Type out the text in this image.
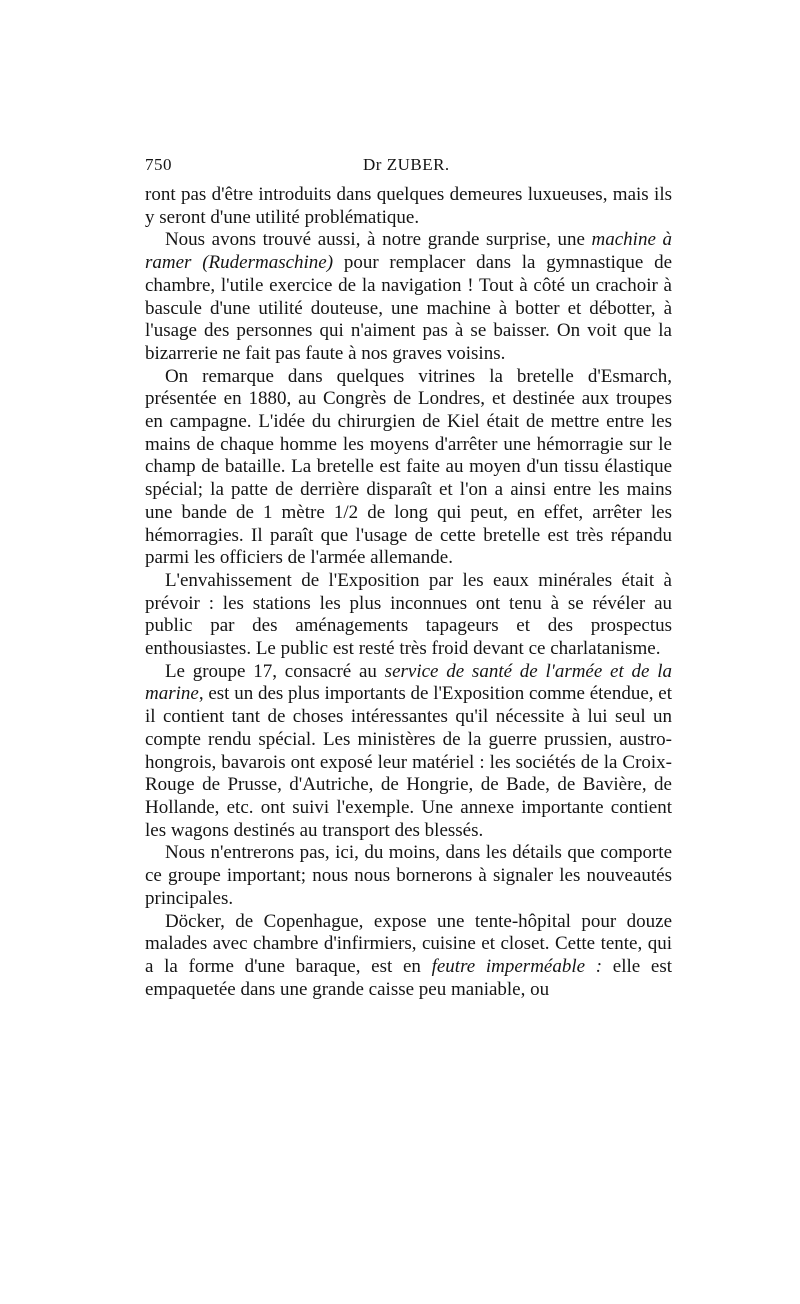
750	Dr ZUBER.

ront pas d'être introduits dans quelques demeures luxueuses, mais ils y seront d'une utilité problématique.

Nous avons trouvé aussi, à notre grande surprise, une machine à ramer (Rudermaschine) pour remplacer dans la gymnastique de chambre, l'utile exercice de la navigation ! Tout à côté un crachoir à bascule d'une utilité douteuse, une machine à botter et débotter, à l'usage des personnes qui n'aiment pas à se baisser. On voit que la bizarrerie ne fait pas faute à nos graves voisins.

On remarque dans quelques vitrines la bretelle d'Esmarch, présentée en 1880, au Congrès de Londres, et destinée aux troupes en campagne. L'idée du chirurgien de Kiel était de mettre entre les mains de chaque homme les moyens d'arrêter une hémorragie sur le champ de bataille. La bretelle est faite au moyen d'un tissu élastique spécial; la patte de derrière disparaît et l'on a ainsi entre les mains une bande de 1 mètre 1/2 de long qui peut, en effet, arrêter les hémorragies. Il paraît que l'usage de cette bretelle est très répandu parmi les officiers de l'armée allemande.

L'envahissement de l'Exposition par les eaux minérales était à prévoir : les stations les plus inconnues ont tenu à se révéler au public par des aménagements tapageurs et des prospectus enthousiastes. Le public est resté très froid devant ce charlatanisme.

Le groupe 17, consacré au service de santé de l'armée et de la marine, est un des plus importants de l'Exposition comme étendue, et il contient tant de choses intéressantes qu'il nécessite à lui seul un compte rendu spécial. Les ministères de la guerre prussien, austro-hongrois, bavarois ont exposé leur matériel : les sociétés de la Croix-Rouge de Prusse, d'Autriche, de Hongrie, de Bade, de Bavière, de Hollande, etc. ont suivi l'exemple. Une annexe importante contient les wagons destinés au transport des blessés.

Nous n'entrerons pas, ici, du moins, dans les détails que comporte ce groupe important; nous nous bornerons à signaler les nouveautés principales.

Döcker, de Copenhague, expose une tente-hôpital pour douze malades avec chambre d'infirmiers, cuisine et closet. Cette tente, qui a la forme d'une baraque, est en feutre imperméable : elle est empaquetée dans une grande caisse peu maniable, ou
